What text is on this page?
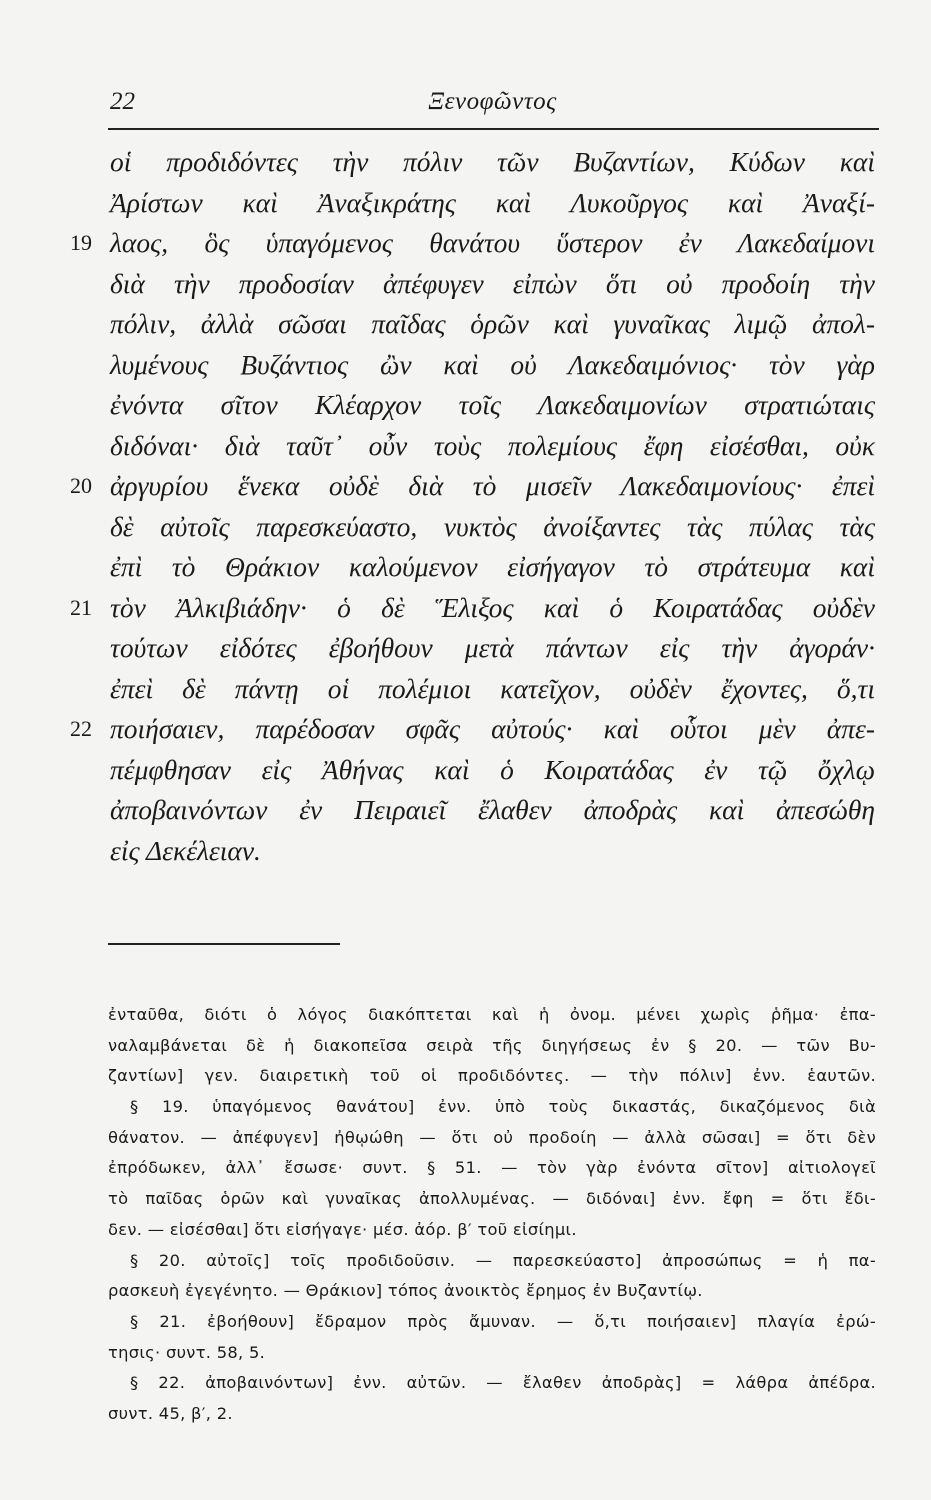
22	Ξενοφῶντος
οἱ προδιδόντες τὴν πόλιν τῶν Βυζαντίων, Κύδων καὶ
Ἀρίστων καὶ Ἀναξικράτης καὶ Λυκοῦργος καὶ Ἀναξί-
19 λαος, ὃς ὑπαγόμενος θανάτου ὕστερον ἐν Λακεδαίμονι
διὰ τὴν προδοσίαν ἀπέφυγεν εἰπὼν ὅτι οὐ προδοίη τὴν
πόλιν, ἀλλὰ σῶσαι παῖδας ὁρῶν καὶ γυναῖκας λιμῷ ἀπολ-
λυμένους Βυζάντιος ὢν καὶ οὐ Λακεδαιμόνιος· τὸν γὰρ
ἐνόντα σῖτον Κλέαρχον τοῖς Λακεδαιμονίων στρατιώταις
διδόναι· διὰ ταῦτ᾽ οὖν τοὺς πολεμίους ἔφη εἰσέσθαι, οὐκ
20 ἀργυρίου ἕνεκα οὐδὲ διὰ τὸ μισεῖν Λακεδαιμονίους· ἐπεὶ
δὲ αὐτοῖς παρεσκεύαστο, νυκτὸς ἀνοίξαντες τὰς πύλας τὰς
ἐπὶ τὸ Θράκιον καλούμενον εἰσήγαγον τὸ στράτευμα καὶ
21 τὸν Ἀλκιβιάδην· ὁ δὲ Ἕλιξος καὶ ὁ Κοιρατάδας οὐδὲν
τούτων εἰδότες ἐβοήθουν μετὰ πάντων εἰς τὴν ἀγοράν·
ἐπεὶ δὲ πάντῃ οἱ πολέμιοι κατεῖχον, οὐδὲν ἔχοντες, ὅ,τι
22 ποιήσαιεν, παρέδοσαν σφᾶς αὐτούς· καὶ οὗτοι μὲν ἀπε-
πέμφθησαν εἰς Ἀθήνας καὶ ὁ Κοιρατάδας ἐν τῷ ὄχλῳ
ἀποβαινόντων ἐν Πειραιεῖ ἔλαθεν ἀποδρὰς καὶ ἀπεσώθη
εἰς Δεκέλειαν.
ἐνταῦθα, διότι ὁ λόγος διακόπτεται καὶ ἡ ὀνομ. μένει χωρὶς ῥῆμα· ἐπα-
ναλαμβάνεται δὲ ἡ διακοπεῖσα σειρὰ τῆς διηγήσεως ἐν § 20. — τῶν Βυ-
ζαντίων] γεν. διαιρετικὴ τοῦ οἱ προδιδόντες. — τὴν πόλιν] ἐνν. ἑαυτῶν.
§ 19. ὑπαγόμενος θανάτου] ἐνν. ὑπὸ τοὺς δικαστάς, δικαζόμενος διὰ
θάνατον. — ἀπέφυγεν] ἠθῳώθη — ὅτι οὐ προδοίη — ἀλλὰ σῶσαι] = ὅτι δὲν
ἐπρόδωκεν, ἀλλ᾽ ἔσωσε· συντ. § 51. — τὸν γὰρ ἐνόντα σῖτον] αἰτιολογεῖ
τὸ παῖδας ὁρῶν καὶ γυναῖκας ἀπολλυμένας. — διδόναι] ἐνν. ἔφη = ὅτι ἔδι-
δεν. — εἰσέσθαι] ὅτι εἰσήγαγε· μέσ. ἀόρ. β′ τοῦ εἰσίημι.
§ 20. αὐτοῖς] τοῖς προδιδοῦσιν. — παρεσκεύαστο] ἀπροσώπως = ἡ πα-
ρασκευὴ ἐγεγένητο. — Θράκιον] τόπος ἀνοικτὸς ἔρημος ἐν Βυζαντίῳ.
§ 21. ἐβοήθουν] ἔδραμον πρὸς ἄμυναν. — ὅ,τι ποιήσαιεν] πλαγία ἐρώ-
τησις· συντ. 58, 5.
§ 22. ἀποβαινόντων] ἐνν. αὐτῶν. — ἔλαθεν ἀποδρὰς] = λάθρα ἀπέδρα.
συντ. 45, β′, 2.
